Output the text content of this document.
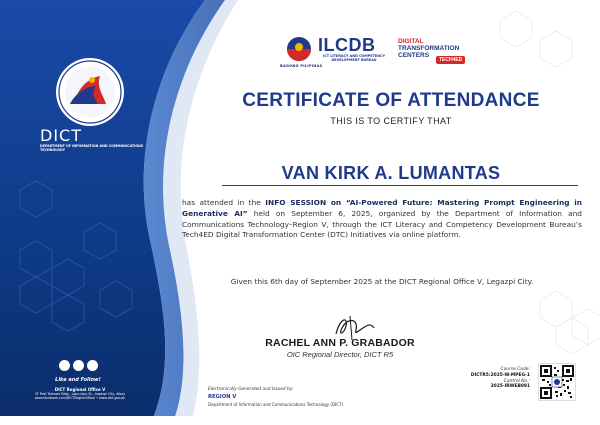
DICT
DEPARTMENT OF INFORMATION AND COMMUNICATIONS TECHNOLOGY
Like and Follow!
DICT Regional Office V
2F Post Telecom Bldg., Lapu-lapu St., Legazpi City, Albay
www.facebook.com/DICTRegionVBicol • www.dict.gov.ph
BAGONG PILIPINAS
ILCDB
ICT LITERACY AND COMPETENCY DEVELOPMENT BUREAU
DIGITAL
TRANSFORMATION
CENTERS
TECH4ED
CERTIFICATE OF ATTENDANCE
THIS IS TO CERTIFY THAT
VAN KIRK A. LUMANTAS
has attended in the INFO SESSION on “AI-Powered Future: Mastering Prompt Engineering in Generative AI” held on September 6, 2025, organized by the Department of Information and Communications Technology–Region V, through the ICT Literacy and Competency Development Bureau’s Tech4ED Digital Transformation Center (DTC) Initiatives via online platform.
Given this 6th day of September 2025 at the DICT Regional Office V, Legazpi City.
RACHEL ANN P. GRABADOR
OIC Regional Director, DICT R5
Electronically Generated and Issued by:
REGION V
Department of Information and Communications Technology (DICT)
Course Code:
DICTR5:2025-W-MPEG-1
Control No.:
2025-IRWEB891
